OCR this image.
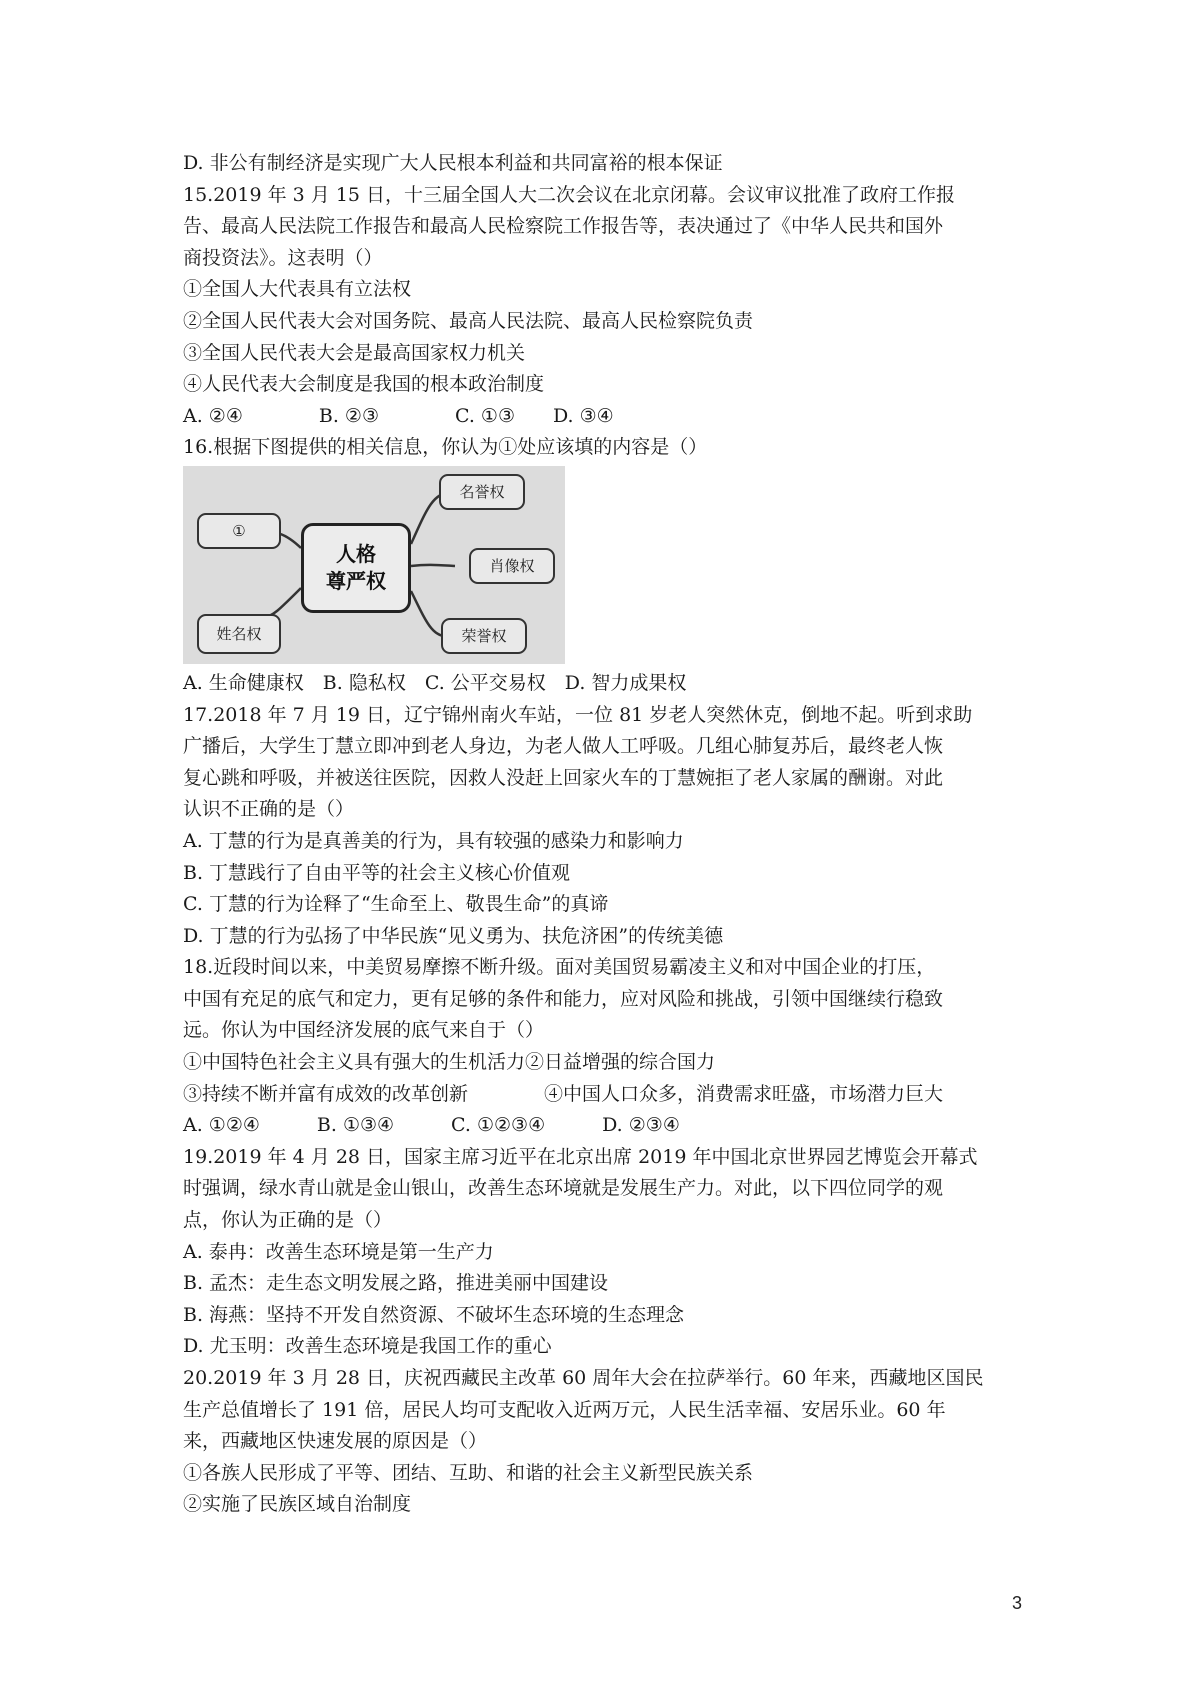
D. 非公有制经济是实现广大人民根本利益和共同富裕的根本保证
15.2019 年 3 月 15 日，十三届全国人大二次会议在北京闭幕。会议审议批准了政府工作报
告、最高人民法院工作报告和最高人民检察院工作报告等，表决通过了《中华人民共和国外
商投资法》。这表明（）
①全国人大代表具有立法权
②全国人民代表大会对国务院、最高人民法院、最高人民检察院负责
③全国人民代表大会是最高国家权力机关
④人民代表大会制度是我国的根本政治制度
A. ②④　　　　B. ②③　　　　C. ①③　　D. ③④
16.根据下图提供的相关信息，你认为①处应该填的内容是（）
①
姓名权
人格
尊严权
名誉权
肖像权
荣誉权
A. 生命健康权　B. 隐私权　C. 公平交易权　D. 智力成果权
17.2018 年 7 月 19 日，辽宁锦州南火车站，一位 81 岁老人突然休克，倒地不起。听到求助
广播后，大学生丁慧立即冲到老人身边，为老人做人工呼吸。几组心肺复苏后，最终老人恢
复心跳和呼吸，并被送往医院，因救人没赶上回家火车的丁慧婉拒了老人家属的酬谢。对此
认识不正确的是（）
A. 丁慧的行为是真善美的行为，具有较强的感染力和影响力
B. 丁慧践行了自由平等的社会主义核心价值观
C. 丁慧的行为诠释了“生命至上、敬畏生命”的真谛
D. 丁慧的行为弘扬了中华民族“见义勇为、扶危济困”的传统美德
18.近段时间以来，中美贸易摩擦不断升级。面对美国贸易霸凌主义和对中国企业的打压，
中国有充足的底气和定力，更有足够的条件和能力，应对风险和挑战，引领中国继续行稳致
远。你认为中国经济发展的底气来自于（）
①中国特色社会主义具有强大的生机活力②日益增强的综合国力
③持续不断并富有成效的改革创新　　　　④中国人口众多，消费需求旺盛，市场潜力巨大
A. ①②④　　　B. ①③④　　　C. ①②③④　　　D. ②③④
19.2019 年 4 月 28 日，国家主席习近平在北京出席 2019 年中国北京世界园艺博览会开幕式
时强调，绿水青山就是金山银山，改善生态环境就是发展生产力。对此，以下四位同学的观
点，你认为正确的是（）
A. 泰冉：改善生态环境是第一生产力
B. 孟杰：走生态文明发展之路，推进美丽中国建设
B. 海燕：坚持不开发自然资源、不破坏生态环境的生态理念
D. 尤玉明：改善生态环境是我国工作的重心
20.2019 年 3 月 28 日，庆祝西藏民主改革 60 周年大会在拉萨举行。60 年来，西藏地区国民
生产总值增长了 191 倍，居民人均可支配收入近两万元，人民生活幸福、安居乐业。60 年
来，西藏地区快速发展的原因是（）
①各族人民形成了平等、团结、互助、和谐的社会主义新型民族关系
②实施了民族区域自治制度
3
